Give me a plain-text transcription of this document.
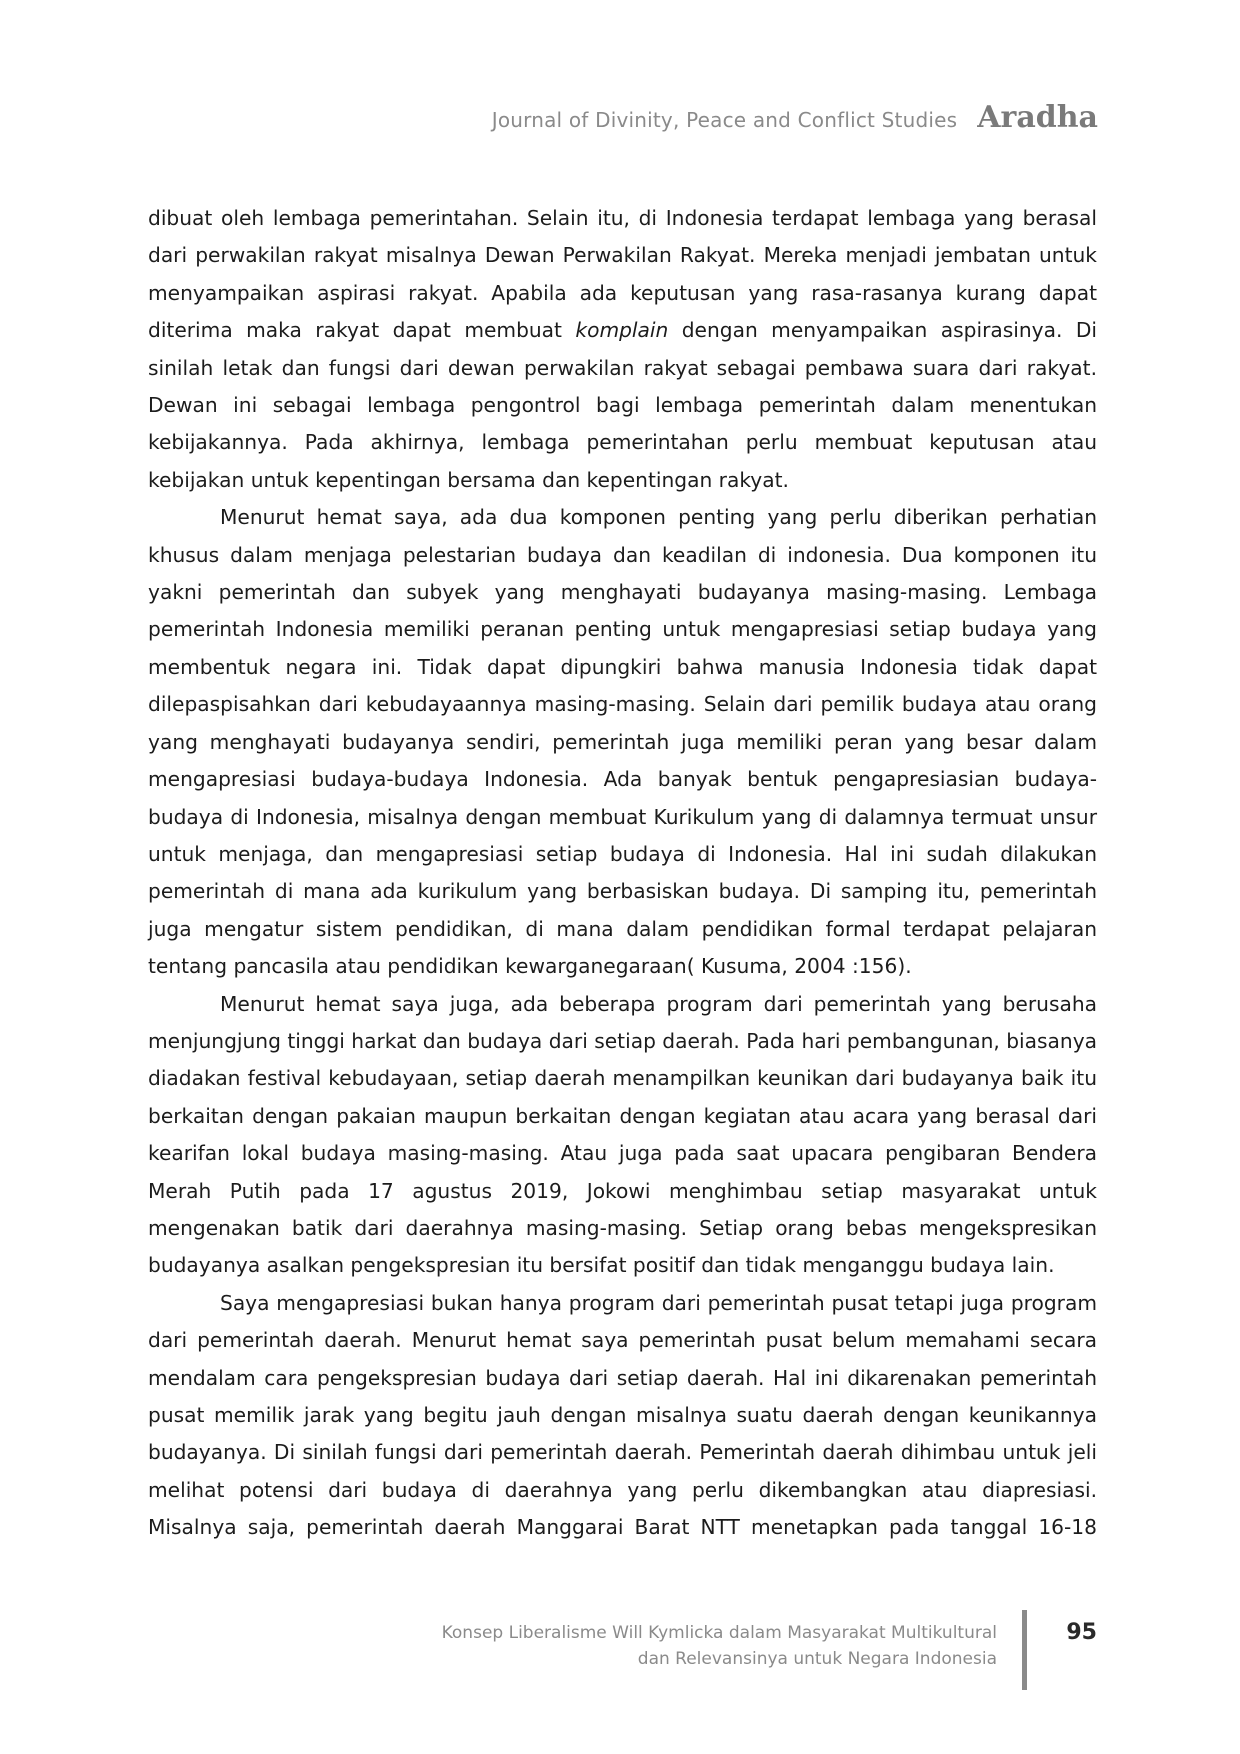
Journal of Divinity, Peace and Conflict Studies Aradha

dibuat oleh lembaga pemerintahan. Selain itu, di Indonesia terdapat lembaga yang berasal dari perwakilan rakyat misalnya Dewan Perwakilan Rakyat. Mereka menjadi jembatan untuk menyampaikan aspirasi rakyat. Apabila ada keputusan yang rasa-rasanya kurang dapat diterima maka rakyat dapat membuat komplain dengan menyampaikan aspirasinya. Di sinilah letak dan fungsi dari dewan perwakilan rakyat sebagai pembawa suara dari rakyat. Dewan ini sebagai lembaga pengontrol bagi lembaga pemerintah dalam menentukan kebijakannya. Pada akhirnya, lembaga pemerintahan perlu membuat keputusan atau kebijakan untuk kepentingan bersama dan kepentingan rakyat.

Menurut hemat saya, ada dua komponen penting yang perlu diberikan perhatian khusus dalam menjaga pelestarian budaya dan keadilan di indonesia. Dua komponen itu yakni pemerintah dan subyek yang menghayati budayanya masing-masing. Lembaga pemerintah Indonesia memiliki peranan penting untuk mengapresiasi setiap budaya yang membentuk negara ini. Tidak dapat dipungkiri bahwa manusia Indonesia tidak dapat dilepaspisahkan dari kebudayaannya masing-masing. Selain dari pemilik budaya atau orang yang menghayati budayanya sendiri, pemerintah juga memiliki peran yang besar dalam mengapresiasi budaya-budaya Indonesia. Ada banyak bentuk pengapresiasian budaya-budaya di Indonesia, misalnya dengan membuat Kurikulum yang di dalamnya termuat unsur untuk menjaga, dan mengapresiasi setiap budaya di Indonesia. Hal ini sudah dilakukan pemerintah di mana ada kurikulum yang berbasiskan budaya. Di samping itu, pemerintah juga mengatur sistem pendidikan, di mana dalam pendidikan formal terdapat pelajaran tentang pancasila atau pendidikan kewarganegaraan( Kusuma, 2004 :156).

Menurut hemat saya juga, ada beberapa program dari pemerintah yang berusaha menjungjung tinggi harkat dan budaya dari setiap daerah. Pada hari pembangunan, biasanya diadakan festival kebudayaan, setiap daerah menampilkan keunikan dari budayanya baik itu berkaitan dengan pakaian maupun berkaitan dengan kegiatan atau acara yang berasal dari kearifan lokal budaya masing-masing. Atau juga pada saat upacara pengibaran Bendera Merah Putih pada 17 agustus 2019, Jokowi menghimbau setiap masyarakat untuk mengenakan batik dari daerahnya masing-masing. Setiap orang bebas mengekspresikan budayanya asalkan pengekspresian itu bersifat positif dan tidak menganggu budaya lain.

Saya mengapresiasi bukan hanya program dari pemerintah pusat tetapi juga program dari pemerintah daerah. Menurut hemat saya pemerintah pusat belum memahami secara mendalam cara pengekspresian budaya dari setiap daerah. Hal ini dikarenakan pemerintah pusat memilik jarak yang begitu jauh dengan misalnya suatu daerah dengan keunikannya budayanya. Di sinilah fungsi dari pemerintah daerah. Pemerintah daerah dihimbau untuk jeli melihat potensi dari budaya di daerahnya yang perlu dikembangkan atau diapresiasi. Misalnya saja, pemerintah daerah Manggarai Barat NTT menetapkan pada tanggal 16-18

Konsep Liberalisme Will Kymlicka dalam Masyarakat Multikultural
dan Relevansinya untuk Negara Indonesia
95
